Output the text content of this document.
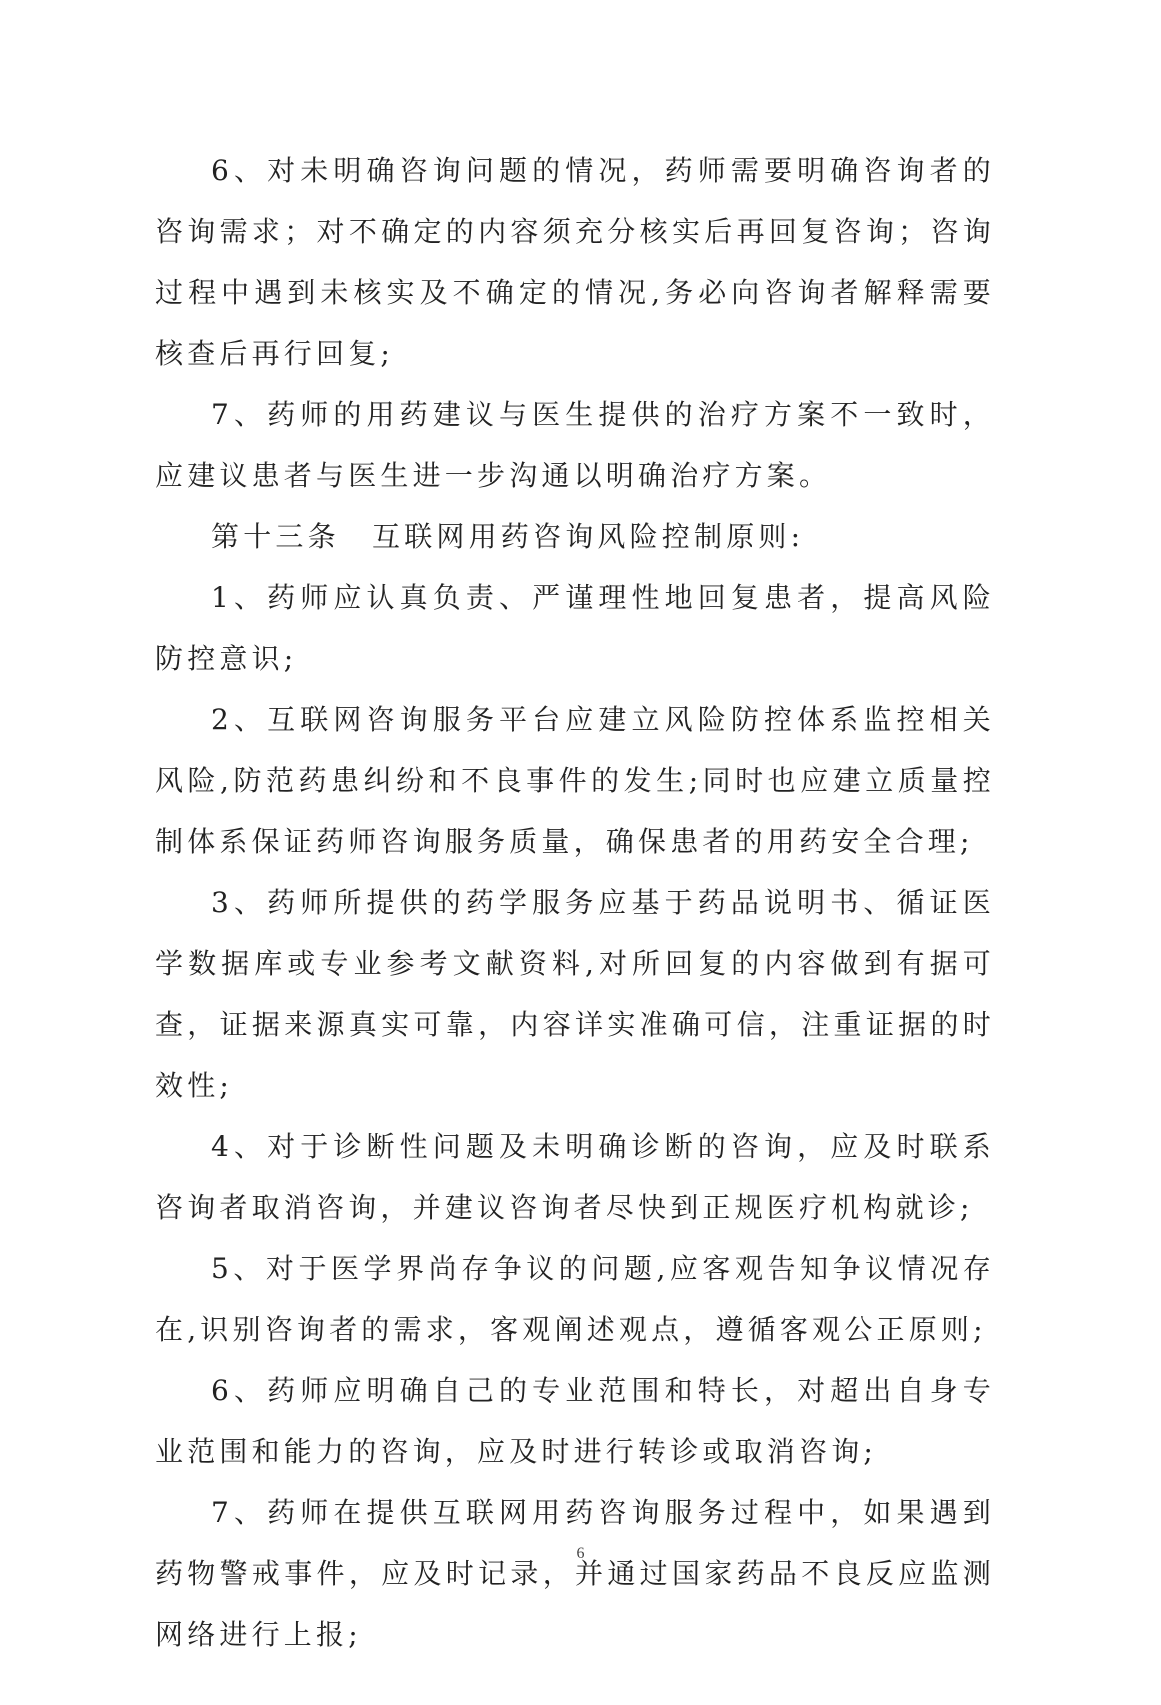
6、对未明确咨询问题的情况，药师需要明确咨询者的咨询需求；对不确定的内容须充分核实后再回复咨询；咨询过程中遇到未核实及不确定的情况,务必向咨询者解释需要核查后再行回复;

7、药师的用药建议与医生提供的治疗方案不一致时，应建议患者与医生进一步沟通以明确治疗方案。

第十三条　互联网用药咨询风险控制原则:

1、药师应认真负责、严谨理性地回复患者，提高风险防控意识;

2、互联网咨询服务平台应建立风险防控体系监控相关风险,防范药患纠纷和不良事件的发生;同时也应建立质量控制体系保证药师咨询服务质量，确保患者的用药安全合理;

3、药师所提供的药学服务应基于药品说明书、循证医学数据库或专业参考文献资料,对所回复的内容做到有据可查，证据来源真实可靠，内容详实准确可信，注重证据的时效性;

4、对于诊断性问题及未明确诊断的咨询，应及时联系咨询者取消咨询，并建议咨询者尽快到正规医疗机构就诊;

5、对于医学界尚存争议的问题,应客观告知争议情况存在,识别咨询者的需求，客观阐述观点，遵循客观公正原则;

6、药师应明确自己的专业范围和特长，对超出自身专业范围和能力的咨询，应及时进行转诊或取消咨询;

7、药师在提供互联网用药咨询服务过程中，如果遇到药物警戒事件，应及时记录，并通过国家药品不良反应监测网络进行上报;

6
